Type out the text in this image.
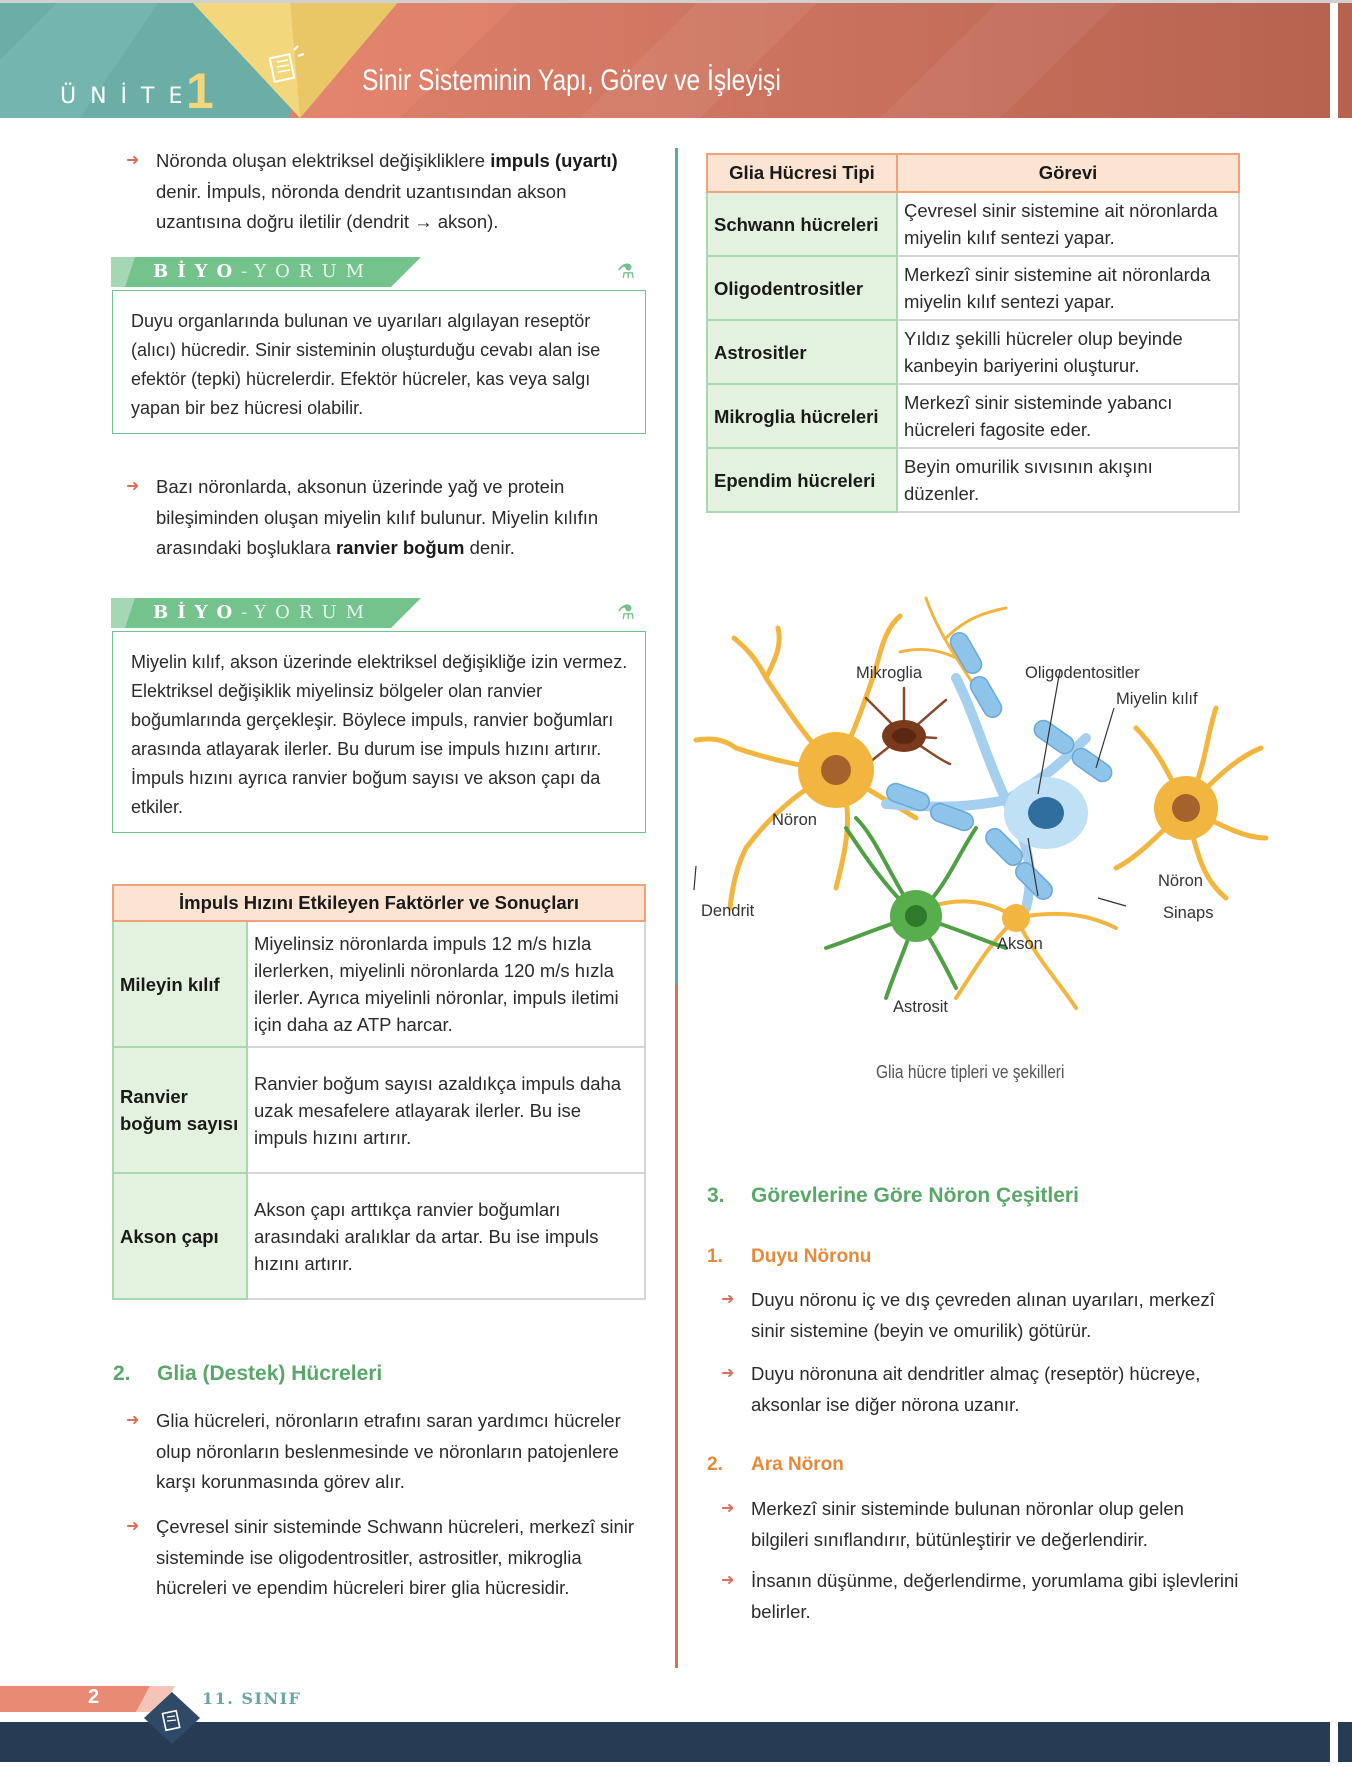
ÜNİTE
1	Sinir Sisteminin Yapı, Görev ve İşleyişi
➜ Nöronda oluşan elektriksel değişikliklere impuls (uyartı) denir. İmpuls, nöronda dendrit uzantısından akson uzantısına doğru iletilir (dendrit → akson).
BİYO-YORUM	⚗
Duyu organlarında bulunan ve uyarıları algılayan reseptör (alıcı) hücredir. Sinir sisteminin oluşturduğu cevabı alan ise efektör (tepki) hücrelerdir. Efektör hücreler, kas veya salgı yapan bir bez hücresi olabilir.
➜ Bazı nöronlarda, aksonun üzerinde yağ ve protein bileşiminden oluşan miyelin kılıf bulunur. Miyelin kılıfın arasındaki boşluklara ranvier boğum denir.
BİYO-YORUM	⚗
Miyelin kılıf, akson üzerinde elektriksel değişikliğe izin vermez. Elektriksel değişiklik miyelinsiz bölgeler olan ranvier boğumlarında gerçekleşir. Böylece impuls, ranvier boğumları arasında atlayarak ilerler. Bu durum ise impuls hızını artırır. İmpuls hızını ayrıca ranvier boğum sayısı ve akson çapı da etkiler.
İmpuls Hızını Etkileyen Faktörler ve Sonuçları	
Mileyin kılıf	Miyelinsiz nöronlarda impuls 12 m/s hızla ilerlerken, miyelinli nöronlarda 120 m/s hızla ilerler. Ayrıca miyelinli nöronlar, impuls iletimi için daha az ATP harcar.
Ranvier boğum sayısı	Ranvier boğum sayısı azaldıkça impuls daha uzak mesafelere atlayarak ilerler. Bu ise impuls hızını artırır.
Akson çapı	Akson çapı arttıkça ranvier boğumları arasındaki aralıklar da artar. Bu ise impuls hızını artırır.
2. Glia (Destek) Hücreleri
➜ Glia hücreleri, nöronların etrafını saran yardımcı hücreler olup nöronların beslenmesinde ve nöronların patojenlere karşı korunmasında görev alır.
➜ Çevresel sinir sisteminde Schwann hücreleri, merkezî sinir sisteminde ise oligodentrositler, astrositler, mikroglia hücreleri ve ependim hücreleri birer glia hücresidir.
Glia Hücresi Tipi	Görevi
Schwann hücreleri	Çevresel sinir sistemine ait nöronlarda miyelin kılıf sentezi yapar.
Oligodentrositler	Merkezî sinir sistemine ait nöronlarda miyelin kılıf sentezi yapar.
Astrositler	Yıldız şekilli hücreler olup beyinde kanbeyin bariyerini oluşturur.
Mikroglia hücreleri	Merkezî sinir sisteminde yabancı hücreleri fagosite eder.
Ependim hücreleri	Beyin omurilik sıvısının akışını düzenler.
Mikroglia	Oligodentositler
Miyelin kılıf
Nöron
Nöron
Dendrit	Sinaps
Akson
Astrosit
Glia hücre tipleri ve şekilleri
3. Görevlerine Göre Nöron Çeşitleri
1. Duyu Nöronu
➜ Duyu nöronu iç ve dış çevreden alınan uyarıları, merkezî sinir sistemine (beyin ve omurilik) götürür.
➜ Duyu nöronuna ait dendritler almaç (reseptör) hücreye, aksonlar ise diğer nörona uzanır.
2. Ara Nöron
➜ Merkezî sinir sisteminde bulunan nöronlar olup gelen bilgileri sınıflandırır, bütünleştirir ve değerlendirir.
➜ İnsanın düşünme, değerlendirme, yorumlama gibi işlevlerini belirler.
2	11. SINIF
